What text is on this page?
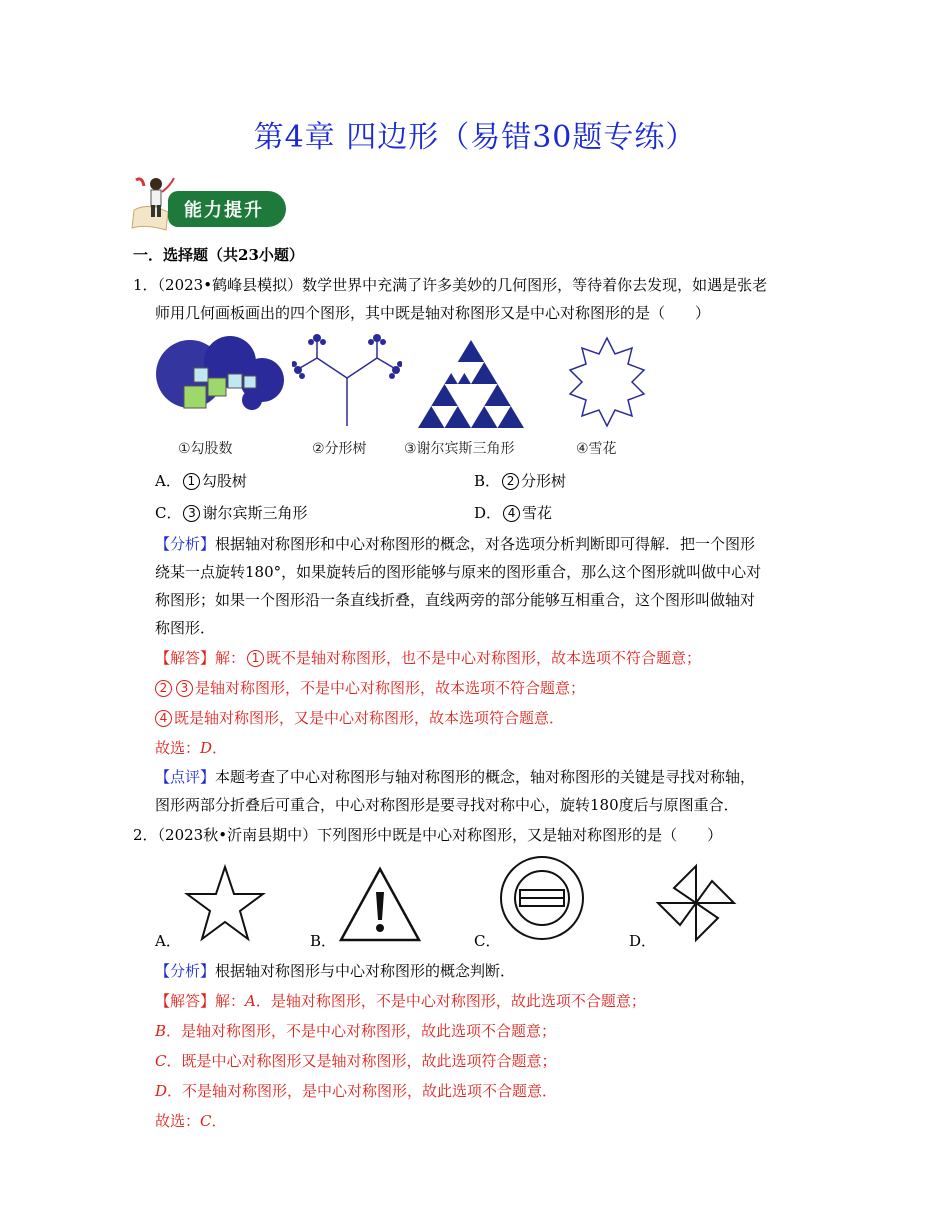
第4章 四边形（易错30题专练）
能力提升
一．选择题（共23小题）
1．（2023•鹤峰县模拟）数学世界中充满了许多美妙的几何图形，等待着你去发现，如遇是张老
师用几何画板画出的四个图形，其中既是轴对称图形又是中心对称图形的是（　　）
①勾股数	②分形树	③谢尔宾斯三角形	④雪花
A． 1 勾股树	B． 2 分形树
C． 3 谢尔宾斯三角形	D． 4 雪花
【分析】根据轴对称图形和中心对称图形的概念，对各选项分析判断即可得解．把一个图形
绕某一点旋转180°，如果旋转后的图形能够与原来的图形重合，那么这个图形就叫做中心对
称图形；如果一个图形沿一条直线折叠，直线两旁的部分能够互相重合，这个图形叫做轴对
称图形．
【解答】解： 1 既不是轴对称图形，也不是中心对称图形，故本选项不符合题意；
2 3 是轴对称图形，不是中心对称图形，故本选项不符合题意；
4 既是轴对称图形，又是中心对称图形，故本选项符合题意．
故选：D．
【点评】本题考查了中心对称图形与轴对称图形的概念，轴对称图形的关键是寻找对称轴，
图形两部分折叠后可重合，中心对称图形是要寻找对称中心，旋转180度后与原图重合．
2．（2023秋•沂南县期中）下列图形中既是中心对称图形，又是轴对称图形的是（　　）
A．	B．	C．	D．
【分析】根据轴对称图形与中心对称图形的概念判断．
【解答】解：A．是轴对称图形，不是中心对称图形，故此选项不合题意；
B．是轴对称图形，不是中心对称图形，故此选项不合题意；
C．既是中心对称图形又是轴对称图形，故此选项符合题意；
D．不是轴对称图形，是中心对称图形，故此选项不合题意．
故选：C．
